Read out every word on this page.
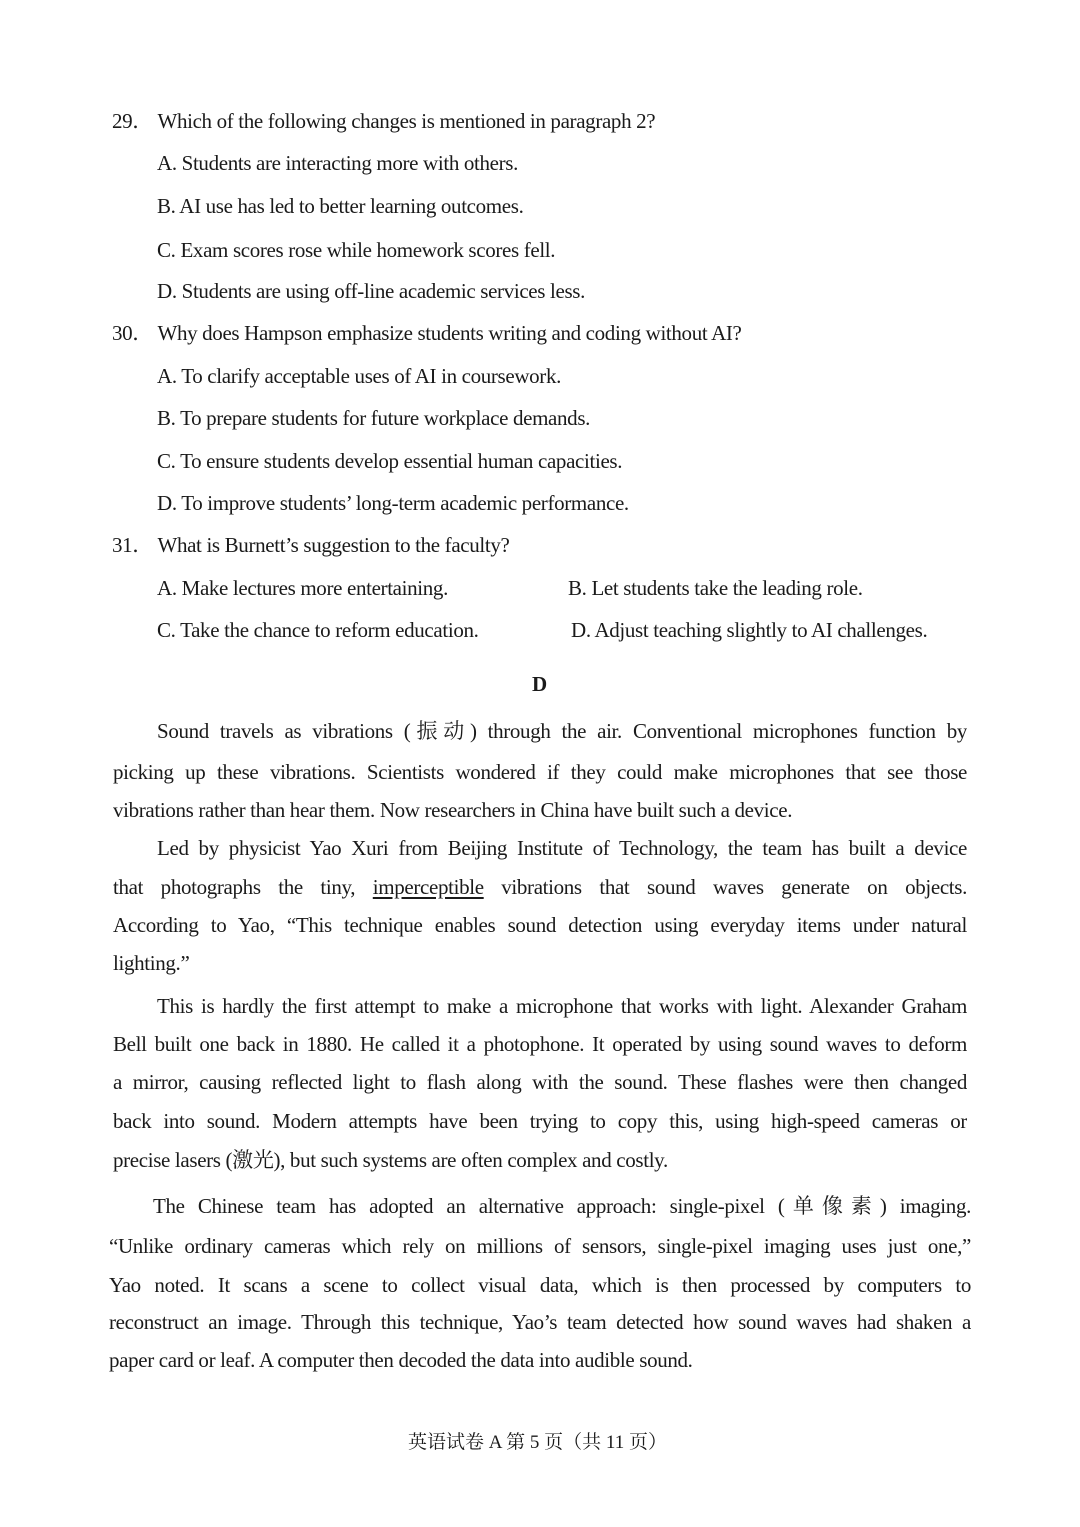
29． Which of the following changes is mentioned in paragraph 2?
A. Students are interacting more with others.
B. AI use has led to better learning outcomes.
C. Exam scores rose while homework scores fell.
D. Students are using off-line academic services less.
30． Why does Hampson emphasize students writing and coding without AI?
A. To clarify acceptable uses of AI in coursework.
B. To prepare students for future workplace demands.
C. To ensure students develop essential human capacities.
D. To improve students’ long-term academic performance.
31． What is Burnett’s suggestion to the faculty?
A. Make lectures more entertaining.	B. Let students take the leading role.
C. Take the chance to reform education.	D. Adjust teaching slightly to AI challenges.
D
Sound travels as vibrations (振动) through the air. Conventional microphones function by
picking up these vibrations. Scientists wondered if they could make microphones that see those
vibrations rather than hear them. Now researchers in China have built such a device.
Led by physicist Yao Xuri from Beijing Institute of Technology, the team has built a device
that photographs the tiny, imperceptible vibrations that sound waves generate on objects.
According to Yao, “This technique enables sound detection using everyday items under natural
lighting.”
This is hardly the first attempt to make a microphone that works with light. Alexander Graham
Bell built one back in 1880. He called it a photophone. It operated by using sound waves to deform
a mirror, causing reflected light to flash along with the sound. These flashes were then changed
back into sound. Modern attempts have been trying to copy this, using high-speed cameras or
precise lasers (激光), but such systems are often complex and costly.
The Chinese team has adopted an alternative approach: single-pixel (单像素) imaging.
“Unlike ordinary cameras which rely on millions of sensors, single-pixel imaging uses just one,”
Yao noted. It scans a scene to collect visual data, which is then processed by computers to
reconstruct an image. Through this technique, Yao’s team detected how sound waves had shaken a
paper card or leaf. A computer then decoded the data into audible sound.
英语试卷 A 第 5 页（共 11 页）
